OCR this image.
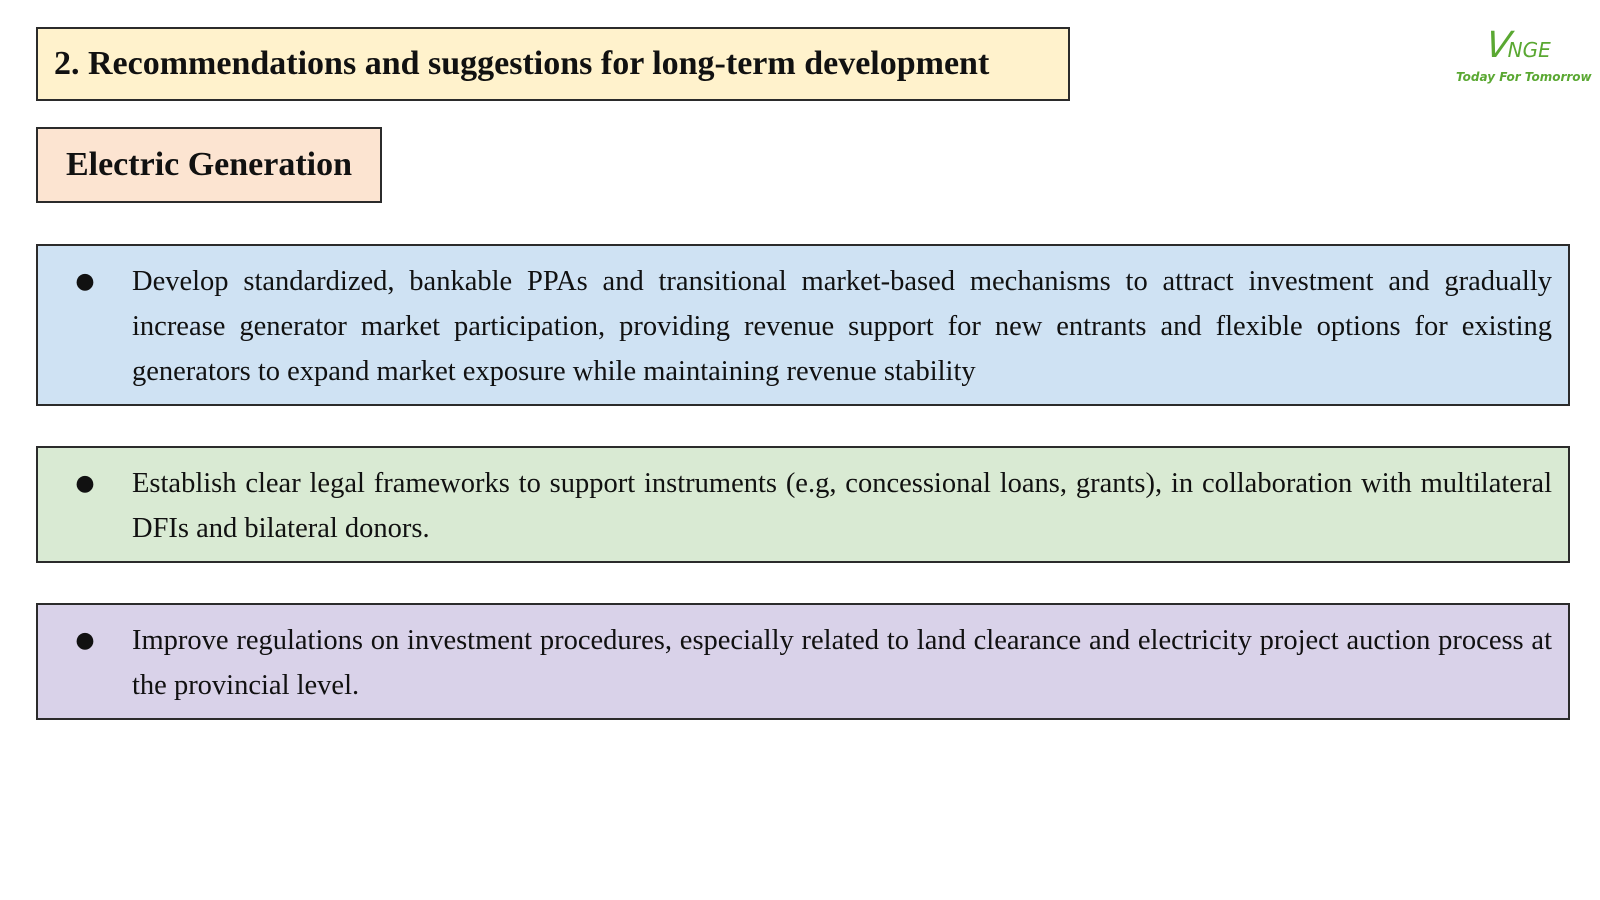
2. Recommendations and suggestions for long-term development
Electric Generation
V
NGE
Today For Tomorrow
●	Develop standardized, bankable PPAs and transitional market-based mechanisms to attract investment and gradually increase generator market participation, providing revenue support for new entrants and flexible options for existing generators to expand market exposure while maintaining revenue stability
●	Establish clear legal frameworks to support instruments (e.g, concessional loans, grants), in collaboration with multilateral DFIs and bilateral donors.
●	Improve regulations on investment procedures, especially related to land clearance and electricity project auction process at the provincial level.
